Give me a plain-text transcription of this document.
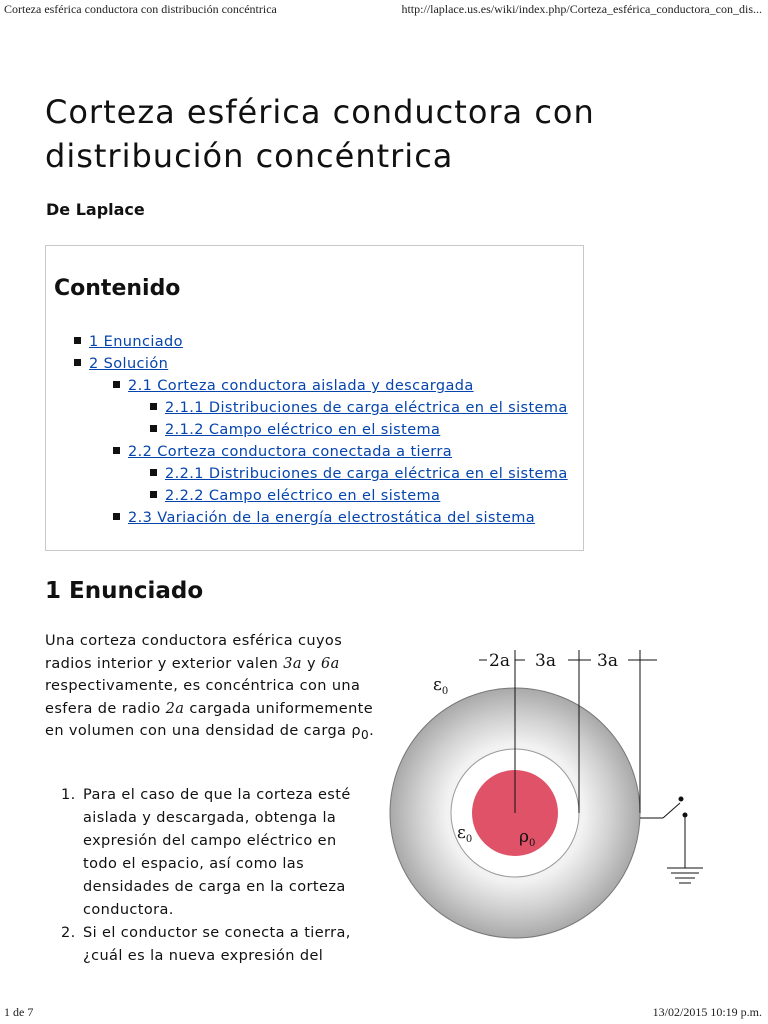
Corteza esférica conductora con distribución concéntrica	http://laplace.us.es/wiki/index.php/Corteza_esférica_conductora_con_dis...
Corteza esférica conductora con distribución concéntrica
De Laplace
Contenido
1 Enunciado
2 Solución
2.1 Corteza conductora aislada y descargada
2.1.1 Distribuciones de carga eléctrica en el sistema
2.1.2 Campo eléctrico en el sistema
2.2 Corteza conductora conectada a tierra
2.2.1 Distribuciones de carga eléctrica en el sistema
2.2.2 Campo eléctrico en el sistema
2.3 Variación de la energía electrostática del sistema
1 Enunciado

Una corteza conductora esférica cuyos radios interior y exterior valen 3a y 6a respectivamente, es concéntrica con una esfera de radio 2a cargada uniformemente en volumen con una densidad de carga $\rho_0$.

1. Para el caso de que la corteza esté aislada y descargada, obtenga la expresión del campo eléctrico en todo el espacio, así como las densidades de carga en la corteza conductora.
2. Si el conductor se conecta a tierra, ¿cuál es la nueva expresión del
2a 3a 3a
$\varepsilon_0$
$\varepsilon_0$	$\rho_0$
1 de 7	13/02/2015 10:19 p.m.
